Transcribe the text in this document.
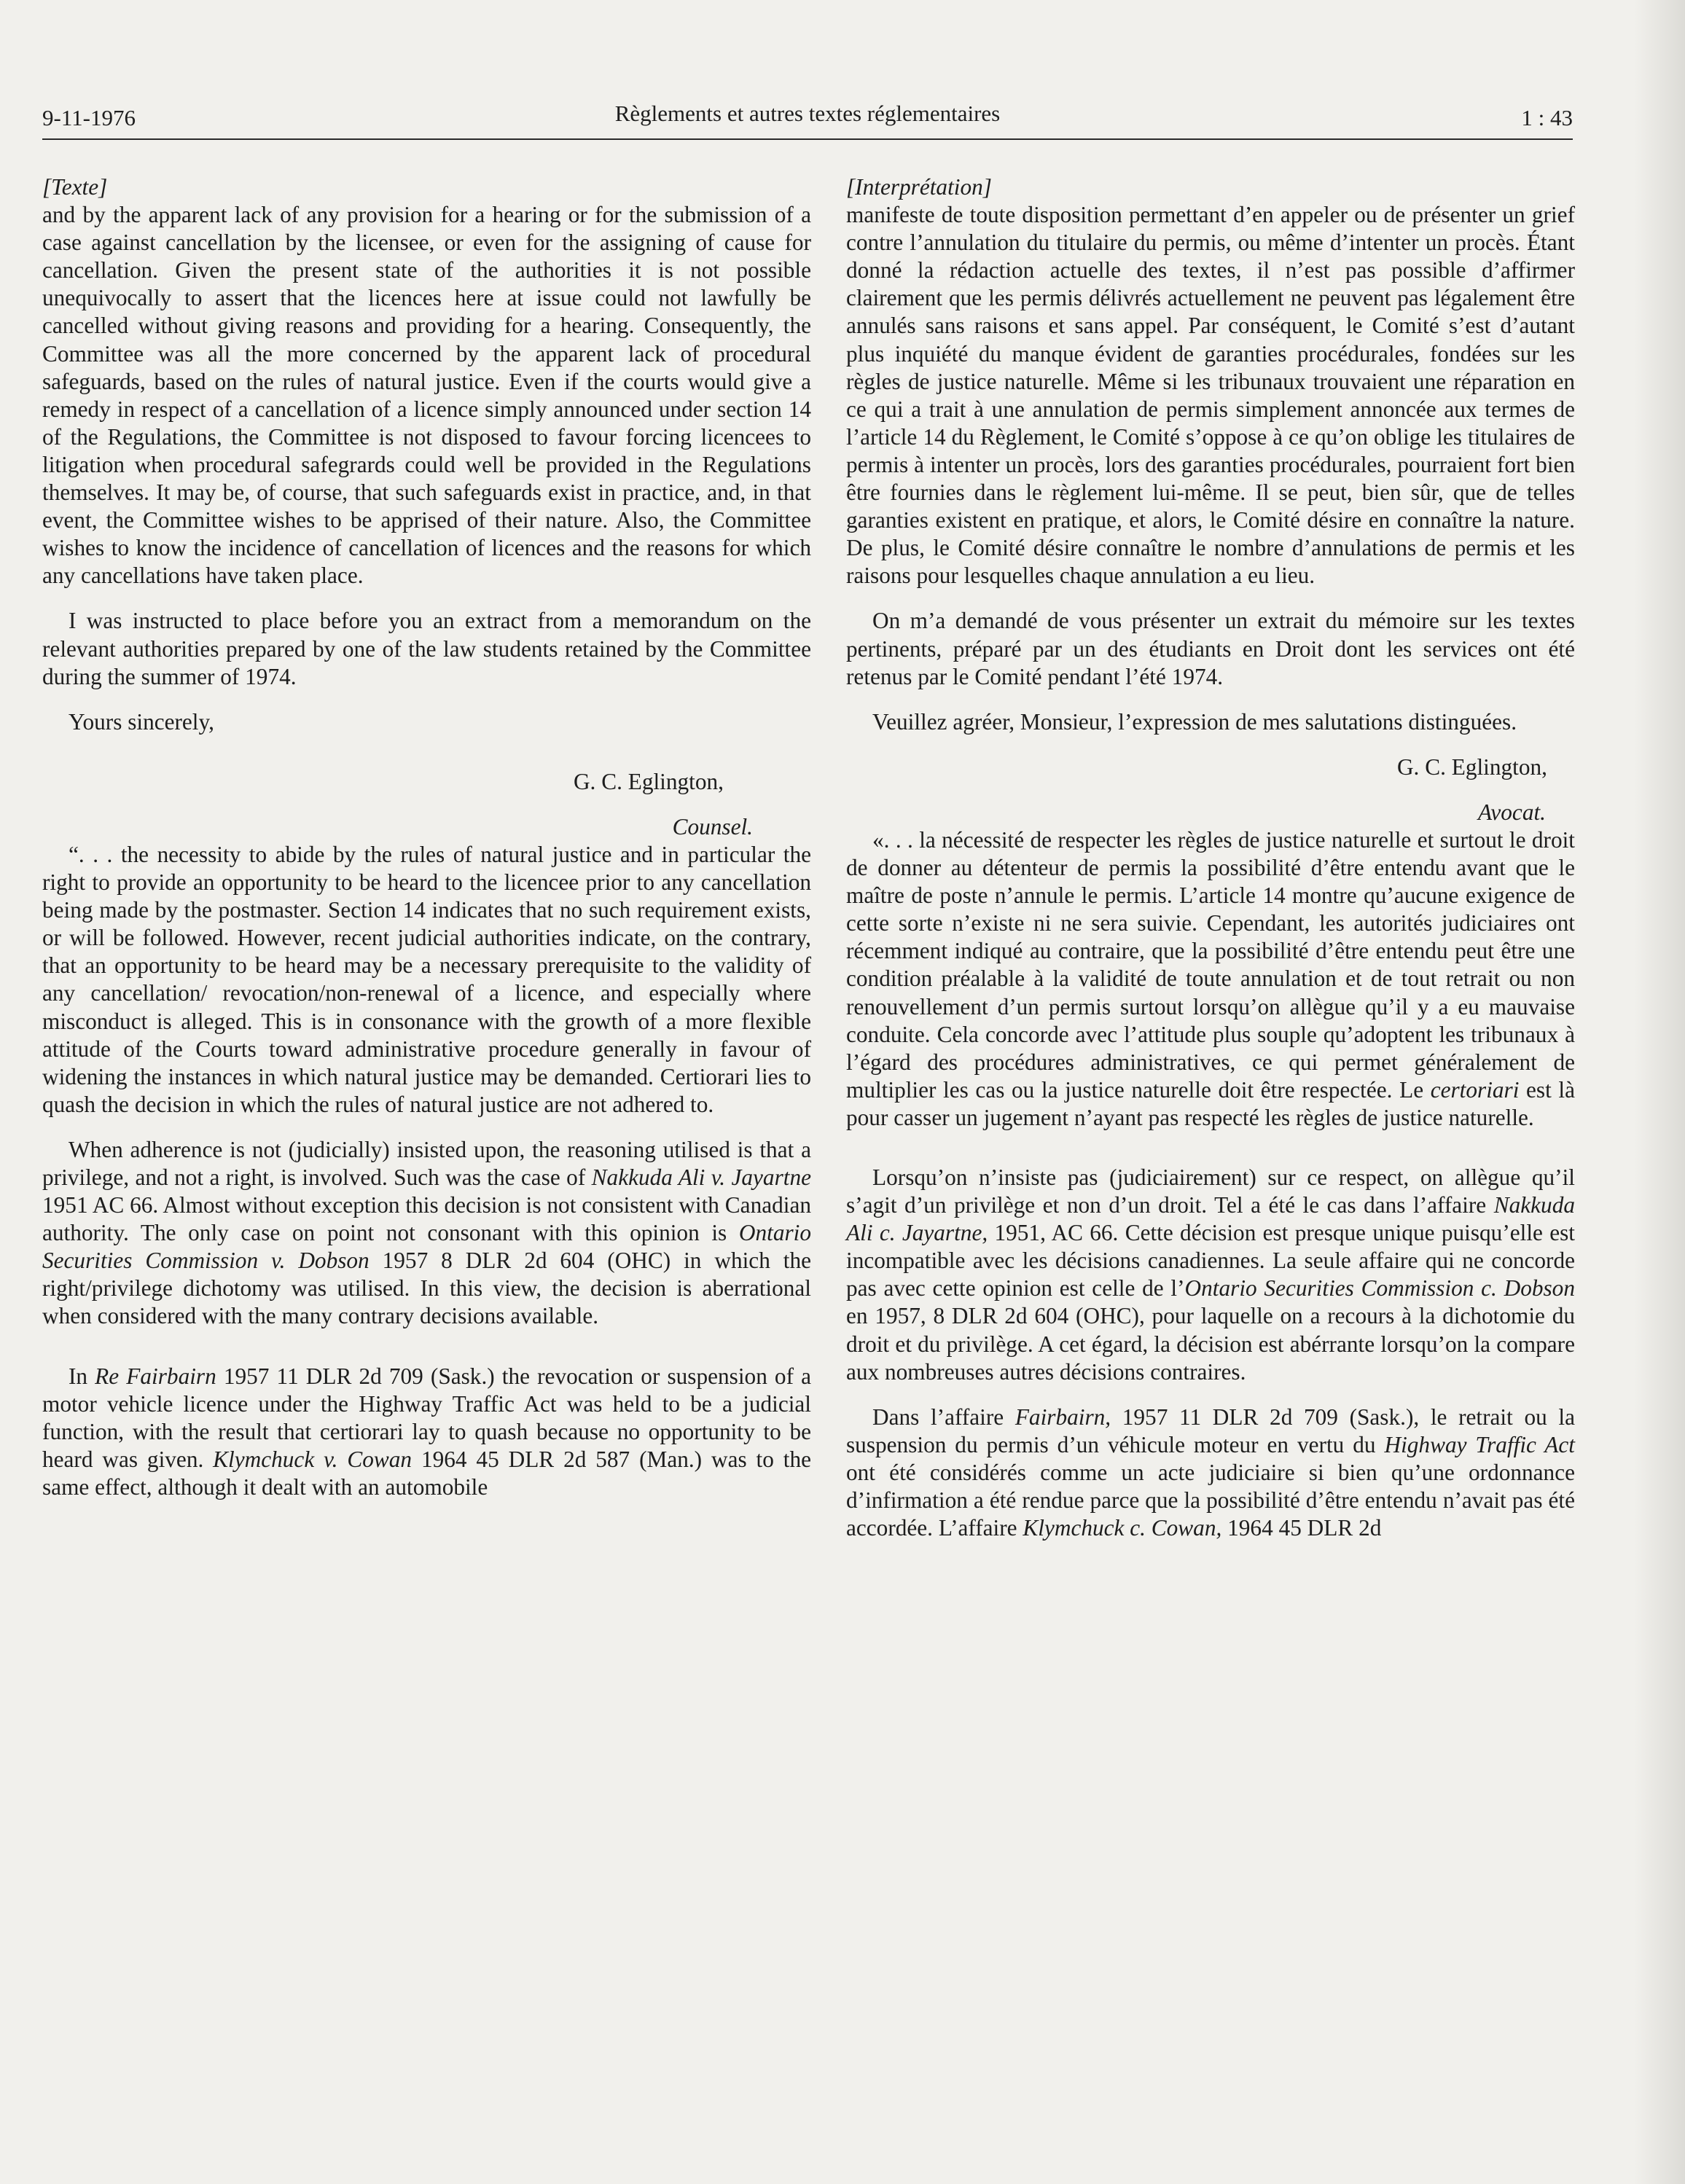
9-11-1976	Règlements et autres textes réglementaires	1 : 43

[Texte]

and by the apparent lack of any provision for a hearing or for the submission of a case against cancellation by the licensee, or even for the assigning of cause for cancellation. Given the present state of the authorities it is not possible unequivocally to assert that the licences here at issue could not lawfully be cancelled without giving reasons and providing for a hearing. Consequently, the Committee was all the more concerned by the apparent lack of procedural safeguards, based on the rules of natural justice. Even if the courts would give a remedy in respect of a cancellation of a licence simply announced under section 14 of the Regulations, the Committee is not disposed to favour forcing licencees to litigation when procedural safegrards could well be provided in the Regulations themselves. It may be, of course, that such safeguards exist in practice, and, in that event, the Committee wishes to be apprised of their nature. Also, the Committee wishes to know the incidence of cancellation of licences and the reasons for which any cancellations have taken place.

I was instructed to place before you an extract from a memorandum on the relevant authorities prepared by one of the law students retained by the Committee during the summer of 1974.

Yours sincerely,

G. C. Eglington,

Counsel.

“. . . the necessity to abide by the rules of natural justice and in particular the right to provide an opportunity to be heard to the licencee prior to any cancellation being made by the postmaster. Section 14 indicates that no such requirement exists, or will be followed. However, recent judicial authorities indicate, on the contrary, that an opportunity to be heard may be a necessary prerequisite to the validity of any cancellation/ revocation/non-renewal of a licence, and especially where misconduct is alleged. This is in consonance with the growth of a more flexible attitude of the Courts toward administrative procedure generally in favour of widening the instances in which natural justice may be demanded. Certiorari lies to quash the decision in which the rules of natural justice are not adhered to.

When adherence is not (judicially) insisted upon, the reasoning utilised is that a privilege, and not a right, is involved. Such was the case of Nakkuda Ali v. Jayartne 1951 AC 66. Almost without exception this decision is not consistent with Canadian authority. The only case on point not consonant with this opinion is Ontario Securities Commission v. Dobson 1957 8 DLR 2d 604 (OHC) in which the right/privilege dichotomy was utilised. In this view, the decision is aberrational when considered with the many contrary decisions available.

In Re Fairbairn 1957 11 DLR 2d 709 (Sask.) the revocation or suspension of a motor vehicle licence under the Highway Traffic Act was held to be a judicial function, with the result that certiorari lay to quash because no opportunity to be heard was given. Klymchuck v. Cowan 1964 45 DLR 2d 587 (Man.) was to the same effect, although it dealt with an automobile

[Interprétation]

manifeste de toute disposition permettant d’en appeler ou de présenter un grief contre l’annulation du titulaire du permis, ou même d’intenter un procès. Étant donné la rédaction actuelle des textes, il n’est pas possible d’affirmer clairement que les permis délivrés actuellement ne peuvent pas légalement être annulés sans raisons et sans appel. Par conséquent, le Comité s’est d’autant plus inquiété du manque évident de garanties procédurales, fondées sur les règles de justice naturelle. Même si les tribunaux trouvaient une réparation en ce qui a trait à une annulation de permis simplement annoncée aux termes de l’article 14 du Règlement, le Comité s’oppose à ce qu’on oblige les titulaires de permis à intenter un procès, lors des garanties procédurales, pourraient fort bien être fournies dans le règlement lui-même. Il se peut, bien sûr, que de telles garanties existent en pratique, et alors, le Comité désire en connaître la nature. De plus, le Comité désire connaître le nombre d’annulations de permis et les raisons pour lesquelles chaque annulation a eu lieu.

On m’a demandé de vous présenter un extrait du mémoire sur les textes pertinents, préparé par un des étudiants en Droit dont les services ont été retenus par le Comité pendant l’été 1974.

Veuillez agréer, Monsieur, l’expression de mes salutations distinguées.

G. C. Eglington,

Avocat.

«. . . la nécessité de respecter les règles de justice naturelle et surtout le droit de donner au détenteur de permis la possibilité d’être entendu avant que le maître de poste n’annule le permis. L’article 14 montre qu’aucune exigence de cette sorte n’existe ni ne sera suivie. Cependant, les autorités judiciaires ont récemment indiqué au contraire, que la possibilité d’être entendu peut être une condition préalable à la validité de toute annulation et de tout retrait ou non renouvellement d’un permis surtout lorsqu’on allègue qu’il y a eu mauvaise conduite. Cela concorde avec l’attitude plus souple qu’adoptent les tribunaux à l’égard des procédures administratives, ce qui permet généralement de multiplier les cas ou la justice naturelle doit être respectée. Le certoriari est là pour casser un jugement n’ayant pas respecté les règles de justice naturelle.

Lorsqu’on n’insiste pas (judiciairement) sur ce respect, on allègue qu’il s’agit d’un privilège et non d’un droit. Tel a été le cas dans l’affaire Nakkuda Ali c. Jayartne, 1951, AC 66. Cette décision est presque unique puisqu’elle est incompatible avec les décisions canadiennes. La seule affaire qui ne concorde pas avec cette opinion est celle de l’Ontario Securities Commission c. Dobson en 1957, 8 DLR 2d 604 (OHC), pour laquelle on a recours à la dichotomie du droit et du privilège. A cet égard, la décision est abérrante lorsqu’on la compare aux nombreuses autres décisions contraires.

Dans l’affaire Fairbairn, 1957 11 DLR 2d 709 (Sask.), le retrait ou la suspension du permis d’un véhicule moteur en vertu du Highway Traffic Act ont été considérés comme un acte judiciaire si bien qu’une ordonnance d’infirmation a été rendue parce que la possibilité d’être entendu n’avait pas été accordée. L’affaire Klymchuck c. Cowan, 1964 45 DLR 2d
